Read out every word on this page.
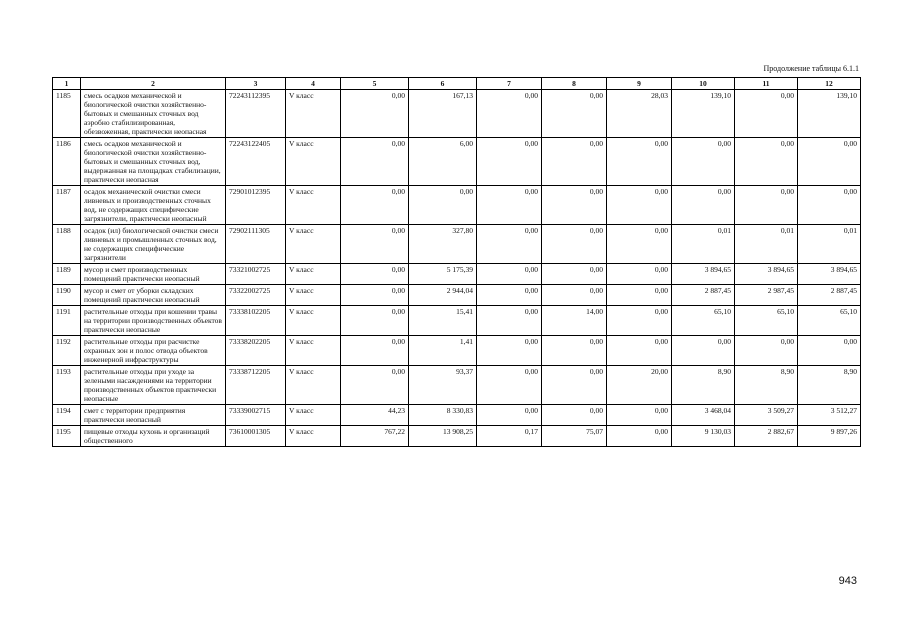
Продолжение таблицы 6.1.1
1	2	3	4	5	6	7	8	9	10	11	12
1185	смесь осадков механической и биологической очистки хозяйственно-бытовых и смешанных сточных вод аэробно стабилизированная, обезвоженная, практически неопасная	72243112395	V класс	0,00	167,13	0,00	0,00	28,03	139,10	0,00	139,10
1186	смесь осадков механической и биологической очистки хозяйственно-бытовых и смешанных сточных вод, выдержанная на площадках стабилизации, практически неопасная	72243122405	V класс	0,00	6,00	0,00	0,00	0,00	0,00	0,00	0,00
1187	осадок механической очистки смеси ливневых и производственных сточных вод, не содержащих специфические загрязнители, практически неопасный	72901012395	V класс	0,00	0,00	0,00	0,00	0,00	0,00	0,00	0,00
1188	осадок (ил) биологической очистки смеси ливневых и промышленных сточных вод, не содержащих специфические загрязнители	72902111305	V класс	0,00	327,80	0,00	0,00	0,00	0,01	0,01	0,01
1189	мусор и смет производственных помещений практически неопасный	73321002725	V класс	0,00	5 175,39	0,00	0,00	0,00	3 894,65	3 894,65	3 894,65
1190	мусор и смет от уборки складских помещений практически неопасный	73322002725	V класс	0,00	2 944,04	0,00	0,00	0,00	2 887,45	2 987,45	2 887,45
1191	растительные отходы при кошении травы на территории производственных объектов практически неопасные	73338102205	V класс	0,00	15,41	0,00	14,00	0,00	65,10	65,10	65,10
1192	растительные отходы при расчистке охранных зон и полос отвода объектов инженерной инфраструктуры	73338202205	V класс	0,00	1,41	0,00	0,00	0,00	0,00	0,00	0,00
1193	растительные отходы при уходе за зелеными насаждениями на территории производственных объектов практически неопасные	73338712205	V класс	0,00	93,37	0,00	0,00	20,00	8,90	8,90	8,90
1194	смет с территории предприятия практически неопасный	73339002715	V класс	44,23	8 330,83	0,00	0,00	0,00	3 468,04	3 509,27	3 512,27
1195	пищевые отходы кухонь и организаций общественного	73610001305	V класс	767,22	13 908,25	0,17	75,07	0,00	9 130,03	2 882,67	9 897,26
943
